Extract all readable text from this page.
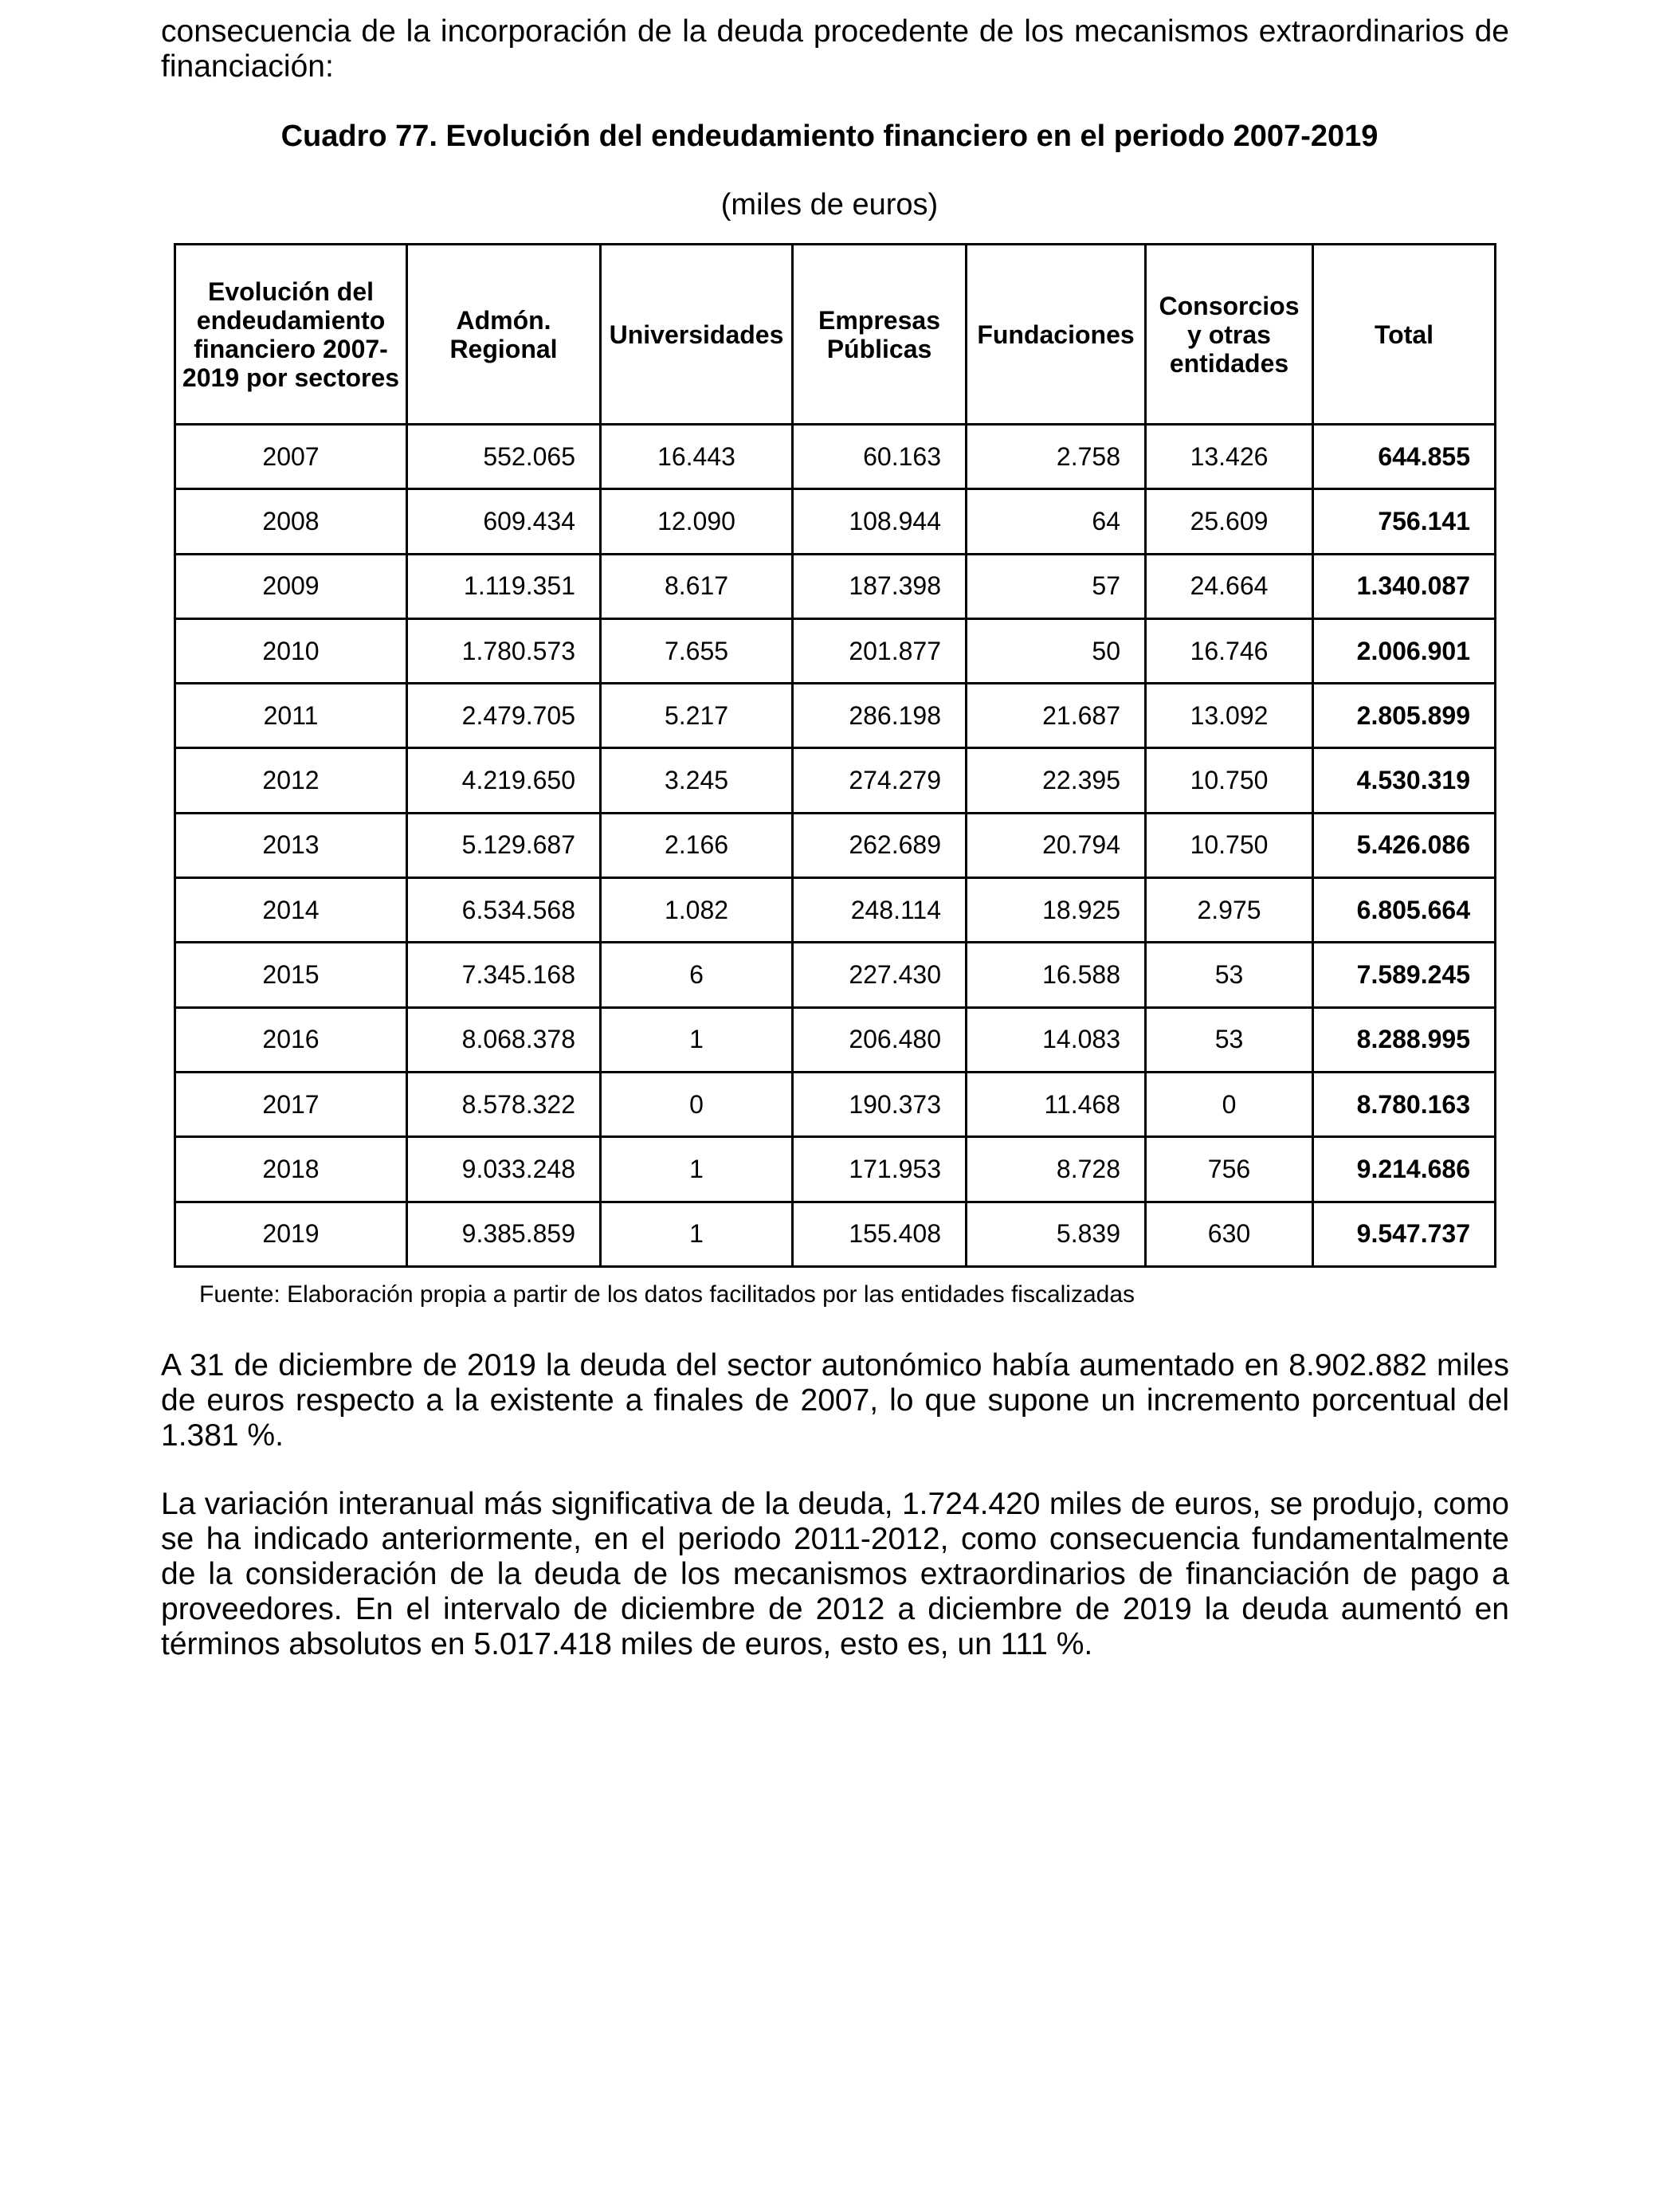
consecuencia de la incorporación de la deuda procedente de los mecanismos extraordinarios de financiación:

Cuadro 77. Evolución del endeudamiento financiero en el periodo 2007-2019
(miles de euros)
Evolución del endeudamiento financiero 2007-2019 por sectores	Admón. Regional	Universidades	Empresas Públicas	Fundaciones	Consorcios y otras entidades	Total
2007	552.065	16.443	60.163	2.758	13.426	644.855
2008	609.434	12.090	108.944	64	25.609	756.141
2009	1.119.351	8.617	187.398	57	24.664	1.340.087
2010	1.780.573	7.655	201.877	50	16.746	2.006.901
2011	2.479.705	5.217	286.198	21.687	13.092	2.805.899
2012	4.219.650	3.245	274.279	22.395	10.750	4.530.319
2013	5.129.687	2.166	262.689	20.794	10.750	5.426.086
2014	6.534.568	1.082	248.114	18.925	2.975	6.805.664
2015	7.345.168	6	227.430	16.588	53	7.589.245
2016	8.068.378	1	206.480	14.083	53	8.288.995
2017	8.578.322	0	190.373	11.468	0	8.780.163
2018	9.033.248	1	171.953	8.728	756	9.214.686
2019	9.385.859	1	155.408	5.839	630	9.547.737
Fuente: Elaboración propia a partir de los datos facilitados por las entidades fiscalizadas

A 31 de diciembre de 2019 la deuda del sector autonómico había aumentado en 8.902.882 miles de euros respecto a la existente a finales de 2007, lo que supone un incremento porcentual del 1.381 %.

La variación interanual más significativa de la deuda, 1.724.420 miles de euros, se produjo, como se ha indicado anteriormente, en el periodo 2011-2012, como consecuencia fundamentalmente de la consideración de la deuda de los mecanismos extraordinarios de financiación de pago a proveedores. En el intervalo de diciembre de 2012 a diciembre de 2019 la deuda aumentó en términos absolutos en 5.017.418 miles de euros, esto es, un 111 %.
